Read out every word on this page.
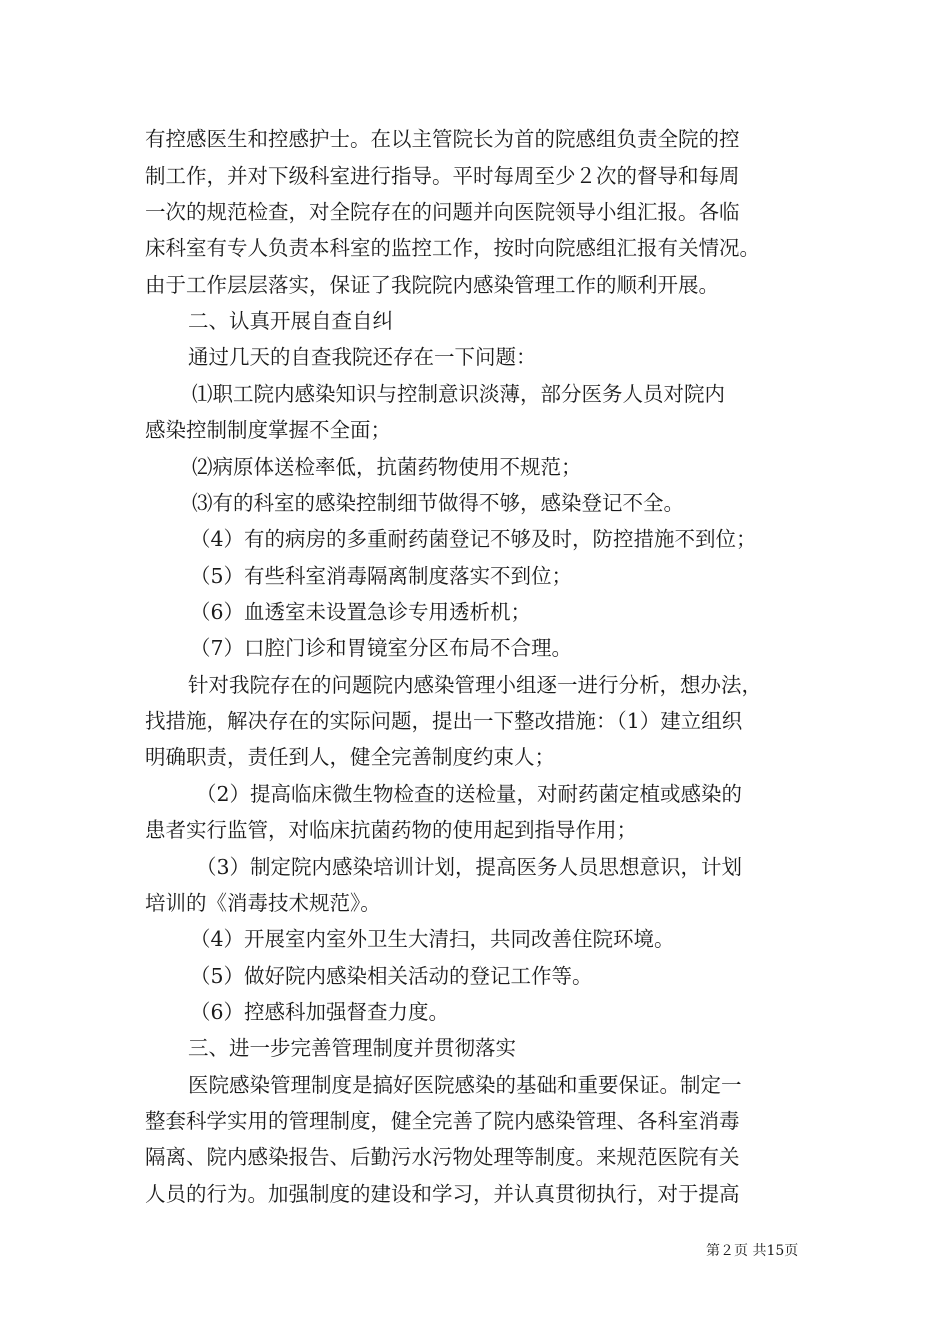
有控感医生和控感护士。在以主管院长为首的院感组负责全院的控
制工作，并对下级科室进行指导。平时每周至少２次的督导和每周
一次的规范检查，对全院存在的问题并向医院领导小组汇报。各临
床科室有专人负责本科室的监控工作，按时向院感组汇报有关情况。
由于工作层层落实，保证了我院院内感染管理工作的顺利开展。
二、认真开展自查自纠
通过几天的自查我院还存在一下问题：
⑴职工院内感染知识与控制意识淡薄，部分医务人员对院内
感染控制制度掌握不全面；
⑵病原体送检率低，抗菌药物使用不规范；
⑶有的科室的感染控制细节做得不够，感染登记不全。
（4）有的病房的多重耐药菌登记不够及时，防控措施不到位；
（5）有些科室消毒隔离制度落实不到位；
（6）血透室未设置急诊专用透析机；
（7）口腔门诊和胃镜室分区布局不合理。
针对我院存在的问题院内感染管理小组逐一进行分析，想办法，
找措施，解决存在的实际问题，提出一下整改措施：（1）建立组织
明确职责，责任到人，健全完善制度约束人；
（2）提高临床微生物检查的送检量，对耐药菌定植或感染的
患者实行监管，对临床抗菌药物的使用起到指导作用；
（3）制定院内感染培训计划，提高医务人员思想意识，计划
培训的《消毒技术规范》。
（4）开展室内室外卫生大清扫，共同改善住院环境。
（5）做好院内感染相关活动的登记工作等。
（6）控感科加强督查力度。
三、进一步完善管理制度并贯彻落实
医院感染管理制度是搞好医院感染的基础和重要保证。制定一
整套科学实用的管理制度，健全完善了院内感染管理、各科室消毒
隔离、院内感染报告、后勤污水污物处理等制度。来规范医院有关
人员的行为。加强制度的建设和学习，并认真贯彻执行，对于提高
第２页 共15页
